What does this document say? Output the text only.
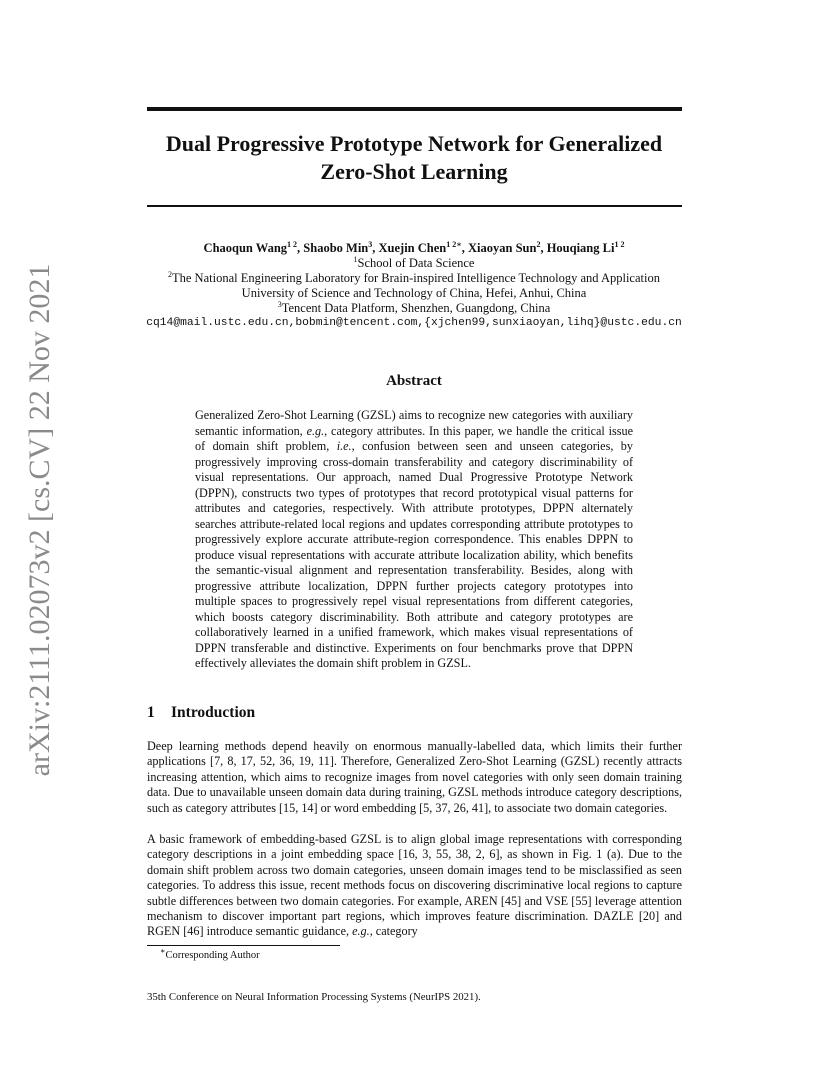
arXiv:2111.02073v2 [cs.CV] 22 Nov 2021
Dual Progressive Prototype Network for Generalized
Zero-Shot Learning
Chaoqun Wang$^{1 2}$, Shaobo Min$^3$, Xuejin Chen$^{1 2∗}$, Xiaoyan Sun$^2$, Houqiang $Li^{1 2}$
$^1$School of Data Science
$^2$The National Engineering Laboratory for Brain-inspired Intelligence Technology and Application
University of Science and Technology of China, Hefei, Anhui, China
$^3$Tencent Data Platform, Shenzhen, Guangdong, China
cq14@mail.ustc.edu.cn,bobmin@tencent.com,{xjchen99,sunxiaoyan,lihq}@ustc.edu.cn
Abstract

Generalized Zero-Shot Learning (GZSL) aims to recognize new categories with auxiliary semantic information, e.g., category attributes. In this paper, we handle the critical issue of domain shift problem, i.e., confusion between seen and unseen categories, by progressively improving cross-domain transferability and category discriminability of visual representations. Our approach, named Dual Progressive Prototype Network (DPPN), constructs two types of prototypes that record prototypical visual patterns for attributes and categories, respectively. With attribute prototypes, DPPN alternately searches attribute-related local regions and updates corresponding attribute prototypes to progressively explore accurate attribute-region correspondence. This enables DPPN to produce visual representations with accurate attribute localization ability, which benefits the semantic-visual alignment and representation transferability. Besides, along with progressive attribute localization, DPPN further projects category prototypes into multiple spaces to progressively repel visual representations from different categories, which boosts category discriminability. Both attribute and category prototypes are collaboratively learned in a unified framework, which makes visual representations of DPPN transferable and distinctive. Experiments on four benchmarks prove that DPPN effectively alleviates the domain shift problem in GZSL.

1 Introduction

Deep learning methods depend heavily on enormous manually-labelled data, which limits their further applications [7, 8, 17, 52, 36, 19, 11]. Therefore, Generalized Zero-Shot Learning (GZSL) recently attracts increasing attention, which aims to recognize images from novel categories with only seen domain training data. Due to unavailable unseen domain data during training, GZSL methods introduce category descriptions, such as category attributes [15, 14] or word embedding [5, 37, 26, 41], to associate two domain categories.

A basic framework of embedding-based GZSL is to align global image representations with corresponding category descriptions in a joint embedding space [16, 3, 55, 38, 2, 6], as shown in Fig. 1 (a). Due to the domain shift problem across two domain categories, unseen domain images tend to be misclassified as seen categories. To address this issue, recent methods focus on discovering discriminative local regions to capture subtle differences between two domain categories. For example, AREN [45] and VSE [55] leverage attention mechanism to discover important part regions, which improves feature discrimination. DAZLE [20] and RGEN [46] introduce semantic guidance, e.g., category

∗Corresponding Author
35th Conference on Neural Information Processing Systems (NeurIPS 2021).
